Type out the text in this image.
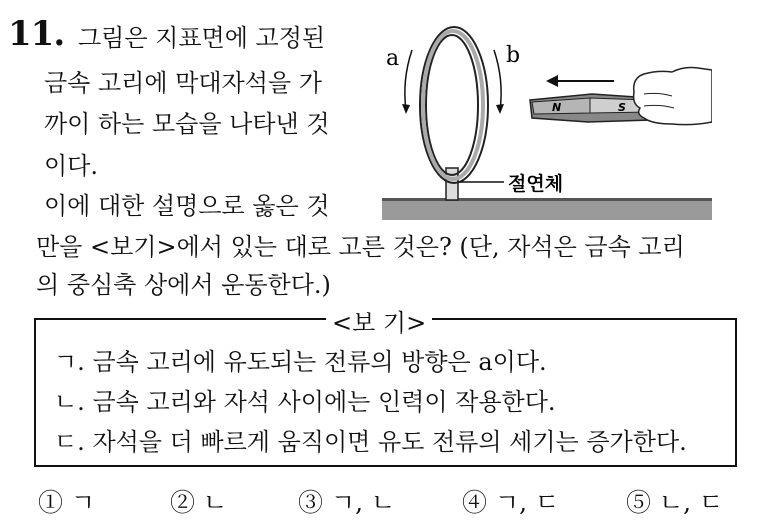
11. 그림은 지표면에 고정된
금속 고리에 막대자석을 가
까이 하는 모습을 나타낸 것
이다.
이에 대한 설명으로 옳은 것
만을 <보기>에서 있는 대로 고른 것은? (단, 자석은 금속 고리
의 중심축 상에서 운동한다.)
a	b
절연체
N	S
<보 기>
ㄱ. 금속 고리에 유도되는 전류의 방향은 a이다.
ㄴ. 금속 고리와 자석 사이에는 인력이 작용한다.
ㄷ. 자석을 더 빠르게 움직이면 유도 전류의 세기는 증가한다.
① ㄱ	② ㄴ	③ ㄱ, ㄴ	④ ㄱ, ㄷ	⑤ ㄴ, ㄷ
